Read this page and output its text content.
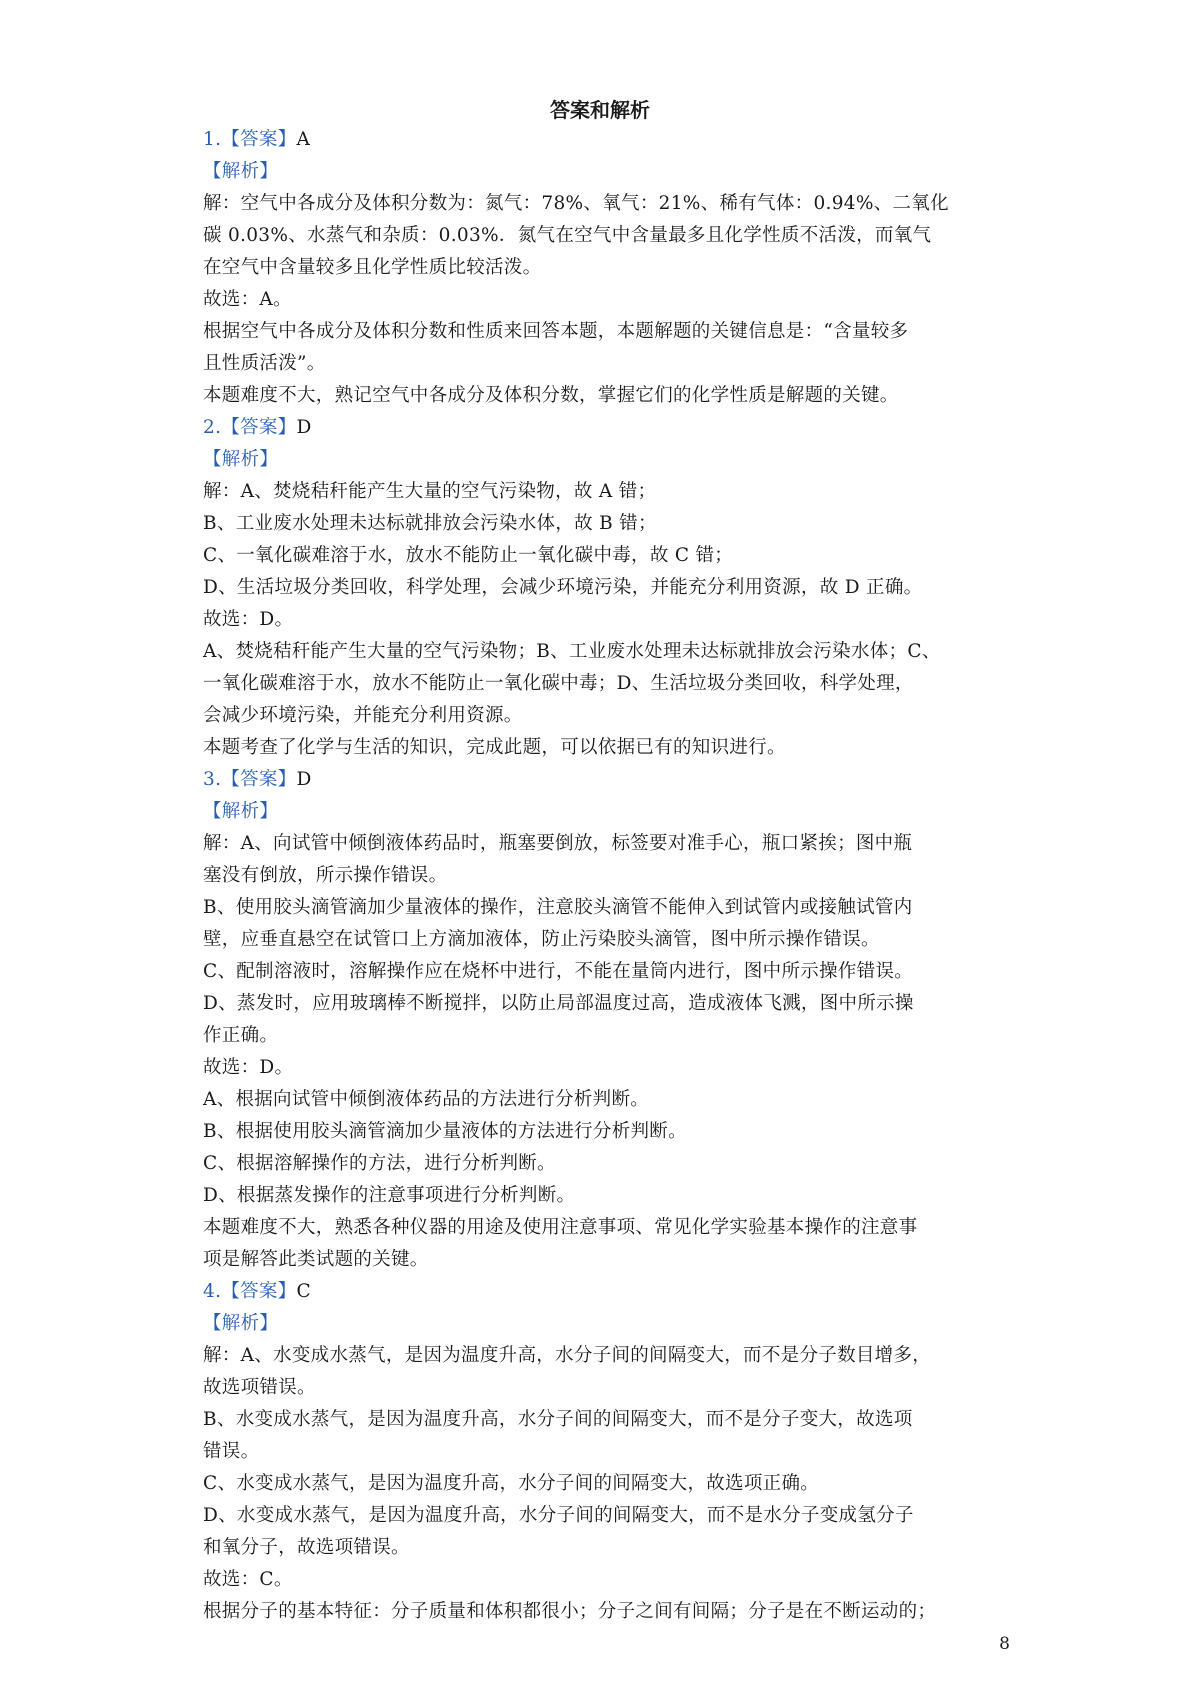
答案和解析

1.【答案】A

【解析】

解：空气中各成分及体积分数为：氮气：78%、氧气：21%、稀有气体：0.94%、二氧化

碳 0.03%、水蒸气和杂质：0.03%．氮气在空气中含量最多且化学性质不活泼，而氧气

在空气中含量较多且化学性质比较活泼。

故选：A。

根据空气中各成分及体积分数和性质来回答本题，本题解题的关键信息是：“含量较多

且性质活泼”。

本题难度不大，熟记空气中各成分及体积分数，掌握它们的化学性质是解题的关键。

2.【答案】D

【解析】

解：A、焚烧秸秆能产生大量的空气污染物，故 A 错；

B、工业废水处理未达标就排放会污染水体，故 B 错；

C、一氧化碳难溶于水，放水不能防止一氧化碳中毒，故 C 错；

D、生活垃圾分类回收，科学处理，会减少环境污染，并能充分利用资源，故 D 正确。

故选：D。

A、焚烧秸秆能产生大量的空气污染物；B、工业废水处理未达标就排放会污染水体；C、

一氧化碳难溶于水，放水不能防止一氧化碳中毒；D、生活垃圾分类回收，科学处理，

会减少环境污染，并能充分利用资源。

本题考查了化学与生活的知识，完成此题，可以依据已有的知识进行。

3.【答案】D

【解析】

解：A、向试管中倾倒液体药品时，瓶塞要倒放，标签要对准手心，瓶口紧挨；图中瓶

塞没有倒放，所示操作错误。

B、使用胶头滴管滴加少量液体的操作，注意胶头滴管不能伸入到试管内或接触试管内

壁，应垂直悬空在试管口上方滴加液体，防止污染胶头滴管，图中所示操作错误。

C、配制溶液时，溶解操作应在烧杯中进行，不能在量筒内进行，图中所示操作错误。

D、蒸发时，应用玻璃棒不断搅拌，以防止局部温度过高，造成液体飞溅，图中所示操

作正确。

故选：D。

A、根据向试管中倾倒液体药品的方法进行分析判断。

B、根据使用胶头滴管滴加少量液体的方法进行分析判断。

C、根据溶解操作的方法，进行分析判断。

D、根据蒸发操作的注意事项进行分析判断。

本题难度不大，熟悉各种仪器的用途及使用注意事项、常见化学实验基本操作的注意事

项是解答此类试题的关键。

4.【答案】C

【解析】

解：A、水变成水蒸气，是因为温度升高，水分子间的间隔变大，而不是分子数目增多，

故选项错误。

B、水变成水蒸气，是因为温度升高，水分子间的间隔变大，而不是分子变大，故选项

错误。

C、水变成水蒸气，是因为温度升高，水分子间的间隔变大，故选项正确。

D、水变成水蒸气，是因为温度升高，水分子间的间隔变大，而不是水分子变成氢分子

和氧分子，故选项错误。

故选：C。

根据分子的基本特征：分子质量和体积都很小；分子之间有间隔；分子是在不断运动的；

8
